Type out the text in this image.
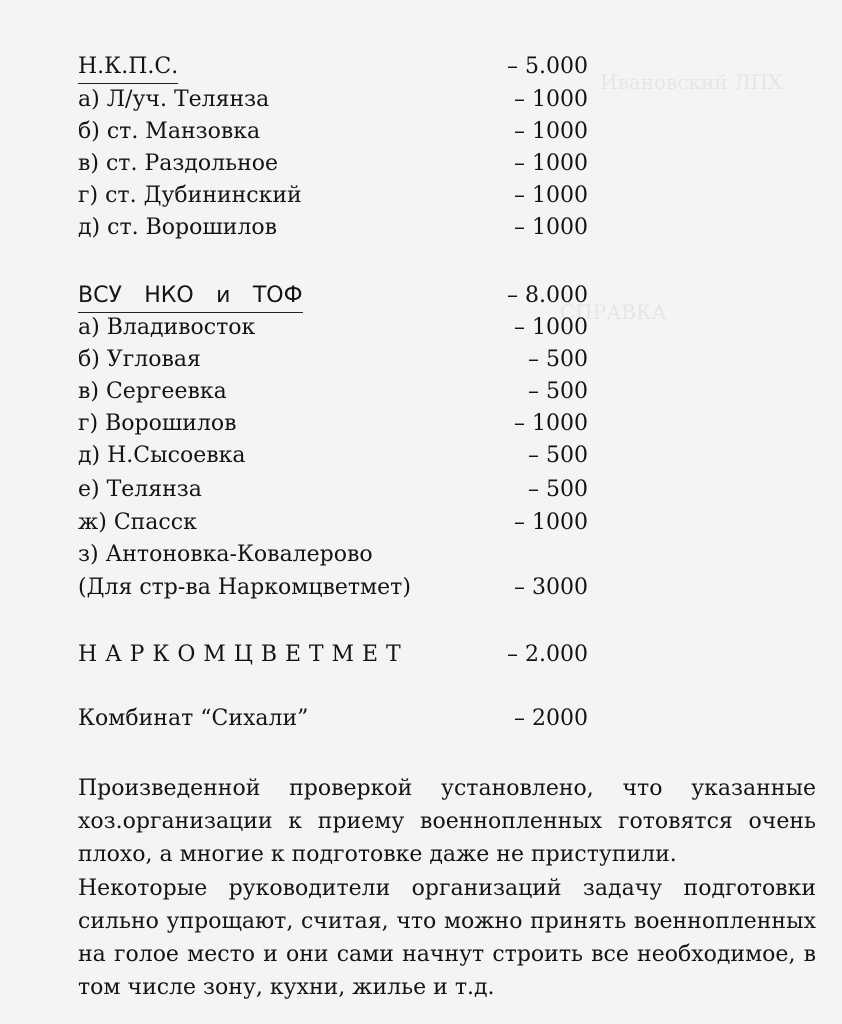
Ивановский ЛПХ
СПРАВКА
Н.К.П.С.	– 5.000
а) Л/уч. Телянза	– 1000
б) ст. Манзовка	– 1000
в) ст. Раздольное	– 1000
г) ст. Дубининский	– 1000
д) ст. Ворошилов	– 1000
ВСУ НКО и ТОФ	– 8.000
а) Владивосток	– 1000
б) Угловая	– 500
в) Сергеевка	– 500
г) Ворошилов	– 1000
д) Н.Сысоевка	– 500
е) Телянза	– 500
ж) Спасск	– 1000
з) Антоновка-Ковалерово
(Для стр-ва Наркомцветмет)	– 3000
НАРКОМЦВЕТМЕТ	– 2.000
Комбинат “Сихали”	– 2000

Произведенной проверкой установлено, что указанные хоз.организации к приему военнопленных готовятся очень плохо, а многие к подготовке даже не приступили.

Некоторые руководители организаций задачу подготовки сильно упрощают, считая, что можно принять военнопленных на голое место и они сами начнут строить все необходимое, в том числе зону, кухни, жилье и т.д.
